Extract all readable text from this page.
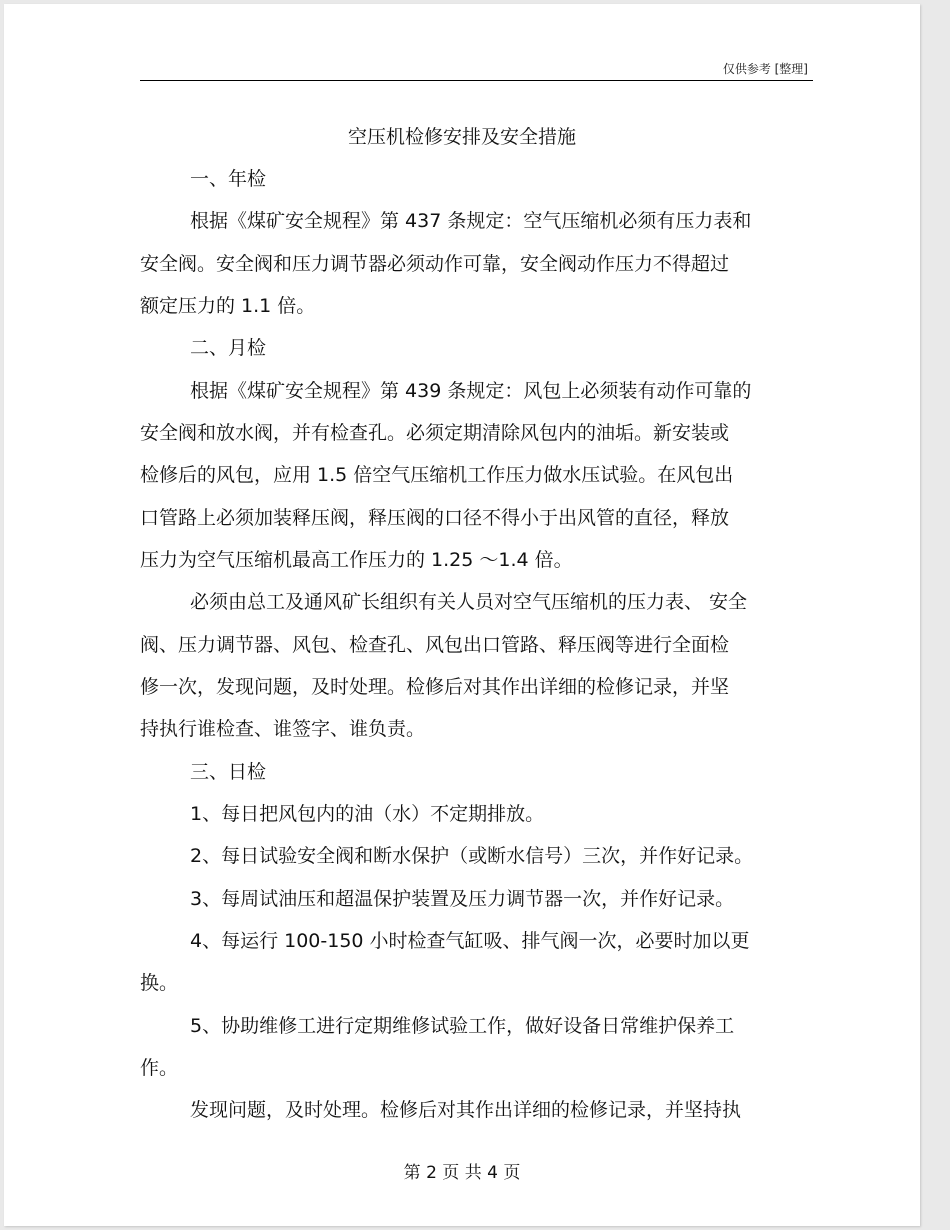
仅供参考 [整理]
空压机检修安排及安全措施
一、年检
根据《煤矿安全规程》第 437 条规定：空气压缩机必须有压力表和
安全阀。安全阀和压力调节器必须动作可靠，安全阀动作压力不得超过
额定压力的 1.1 倍。
二、月检
根据《煤矿安全规程》第 439 条规定：风包上必须装有动作可靠的
安全阀和放水阀，并有检查孔。必须定期清除风包内的油垢。新安装或
检修后的风包，应用 1.5 倍空气压缩机工作压力做水压试验。在风包出
口管路上必须加装释压阀，释压阀的口径不得小于出风管的直径，释放
压力为空气压缩机最高工作压力的 1.25 ～1.4 倍。
必须由总工及通风矿长组织有关人员对空气压缩机的压力表、 安全
阀、压力调节器、风包、检查孔、风包出口管路、释压阀等进行全面检
修一次，发现问题，及时处理。检修后对其作出详细的检修记录，并坚
持执行谁检查、谁签字、谁负责。
三、日检
1、每日把风包内的油（水）不定期排放。
2、每日试验安全阀和断水保护（或断水信号）三次，并作好记录。
3、每周试油压和超温保护装置及压力调节器一次，并作好记录。
4、每运行 100-150 小时检查气缸吸、排气阀一次，必要时加以更
换。
5、协助维修工进行定期维修试验工作，做好设备日常维护保养工
作。
发现问题，及时处理。检修后对其作出详细的检修记录，并坚持执
第 2 页 共 4 页
